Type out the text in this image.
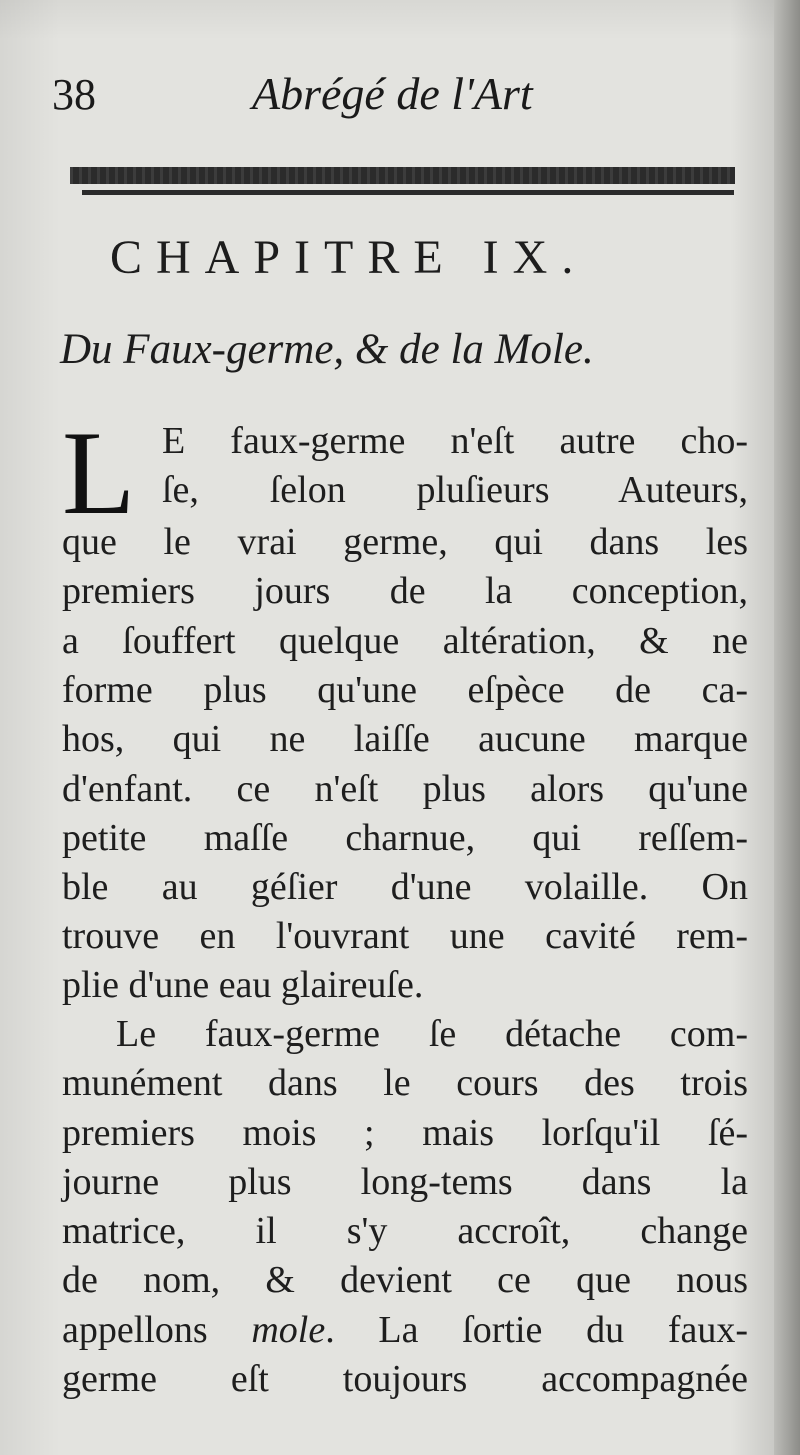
38	Abrégé de l'Art
CHAPITRE IX.
Du Faux-germe, & de la Mole.
L E faux-germe n'eſt autre cho-
ſe, ſelon pluſieurs Auteurs,
que le vrai germe, qui dans les
premiers jours de la conception,
a ſouffert quelque altération, & ne
forme plus qu'une eſpèce de ca-
hos, qui ne laiſſe aucune marque
d'enfant. ce n'eſt plus alors qu'une
petite maſſe charnue, qui reſſem-
ble au géſier d'une volaille. On
trouve en l'ouvrant une cavité rem-
plie d'une eau glaireuſe.
Le faux-germe ſe détache com-
munément dans le cours des trois
premiers mois ; mais lorſqu'il ſé-
journe plus long-tems dans la
matrice, il s'y accroît, change
de nom, & devient ce que nous
appellons mole. La ſortie du faux-
germe eſt toujours accompagnée
